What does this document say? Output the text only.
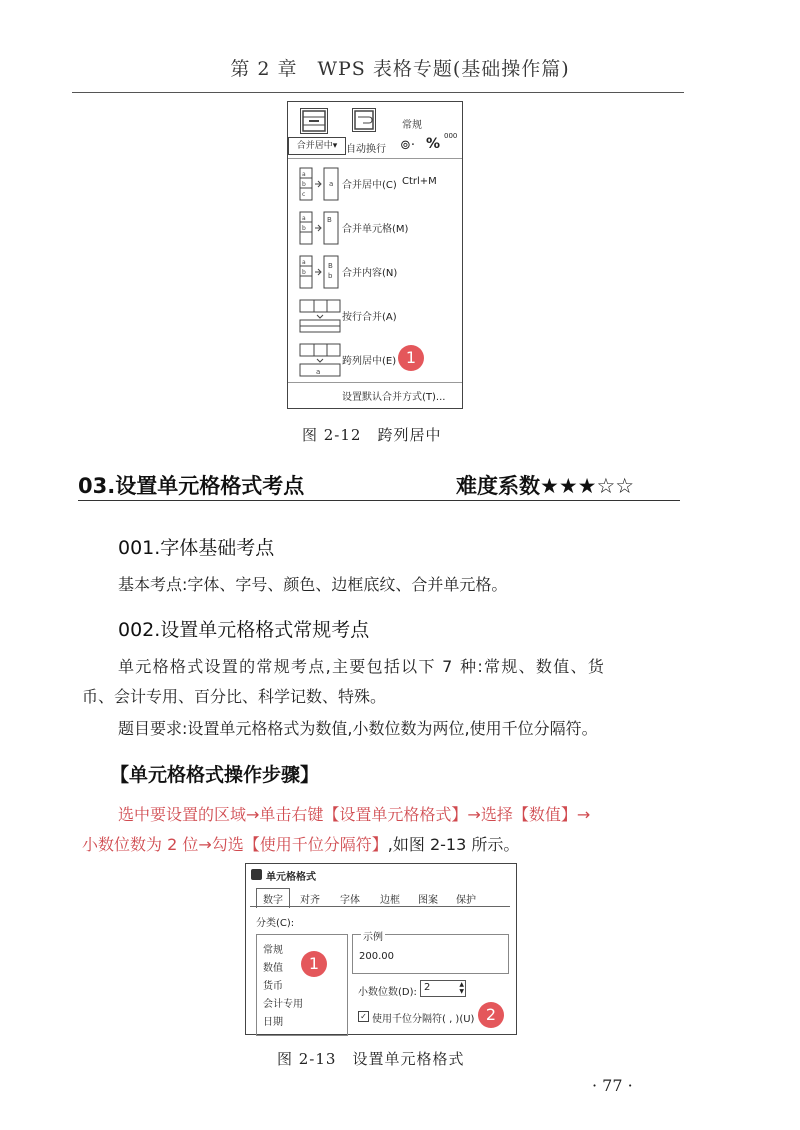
第 2 章　WPS 表格专题(基础操作篇)
合并居中▾ 自动换行
常规
⊚· % 000
a
b
c
a 合并居中(C) Ctrl+M
a
b
B
合并单元格(M)
a
b
B
b 合并内容(N)
按行合并(A)
a
跨列居中(E) 1
设置默认合并方式(T)...
图 2-12　跨列居中
03.设置单元格格式考点	难度系数★★★☆☆
001.字体基础考点
基本考点:字体、字号、颜色、边框底纹、合并单元格。
002.设置单元格格式常规考点
单元格格式设置的常规考点,主要包括以下 7 种:常规、数值、货
币、会计专用、百分比、科学记数、特殊。
题目要求:设置单元格格式为数值,小数位数为两位,使用千位分隔符。
【单元格格式操作步骤】
选中要设置的区域→单击右键【设置单元格格式】→选择【数值】→
小数位数为 2 位→勾选【使用千位分隔符】,如图 2-13 所示。
单元格格式
数字	对齐 字体 边框 图案 保护
分类(C):
常规
数值
货币
会计专用
日期
1
示例
200.00
小数位数(D): 2	▲
▼
✓ 使用千位分隔符( , )(U) 2
图 2-13　设置单元格格式
· 77 ·
